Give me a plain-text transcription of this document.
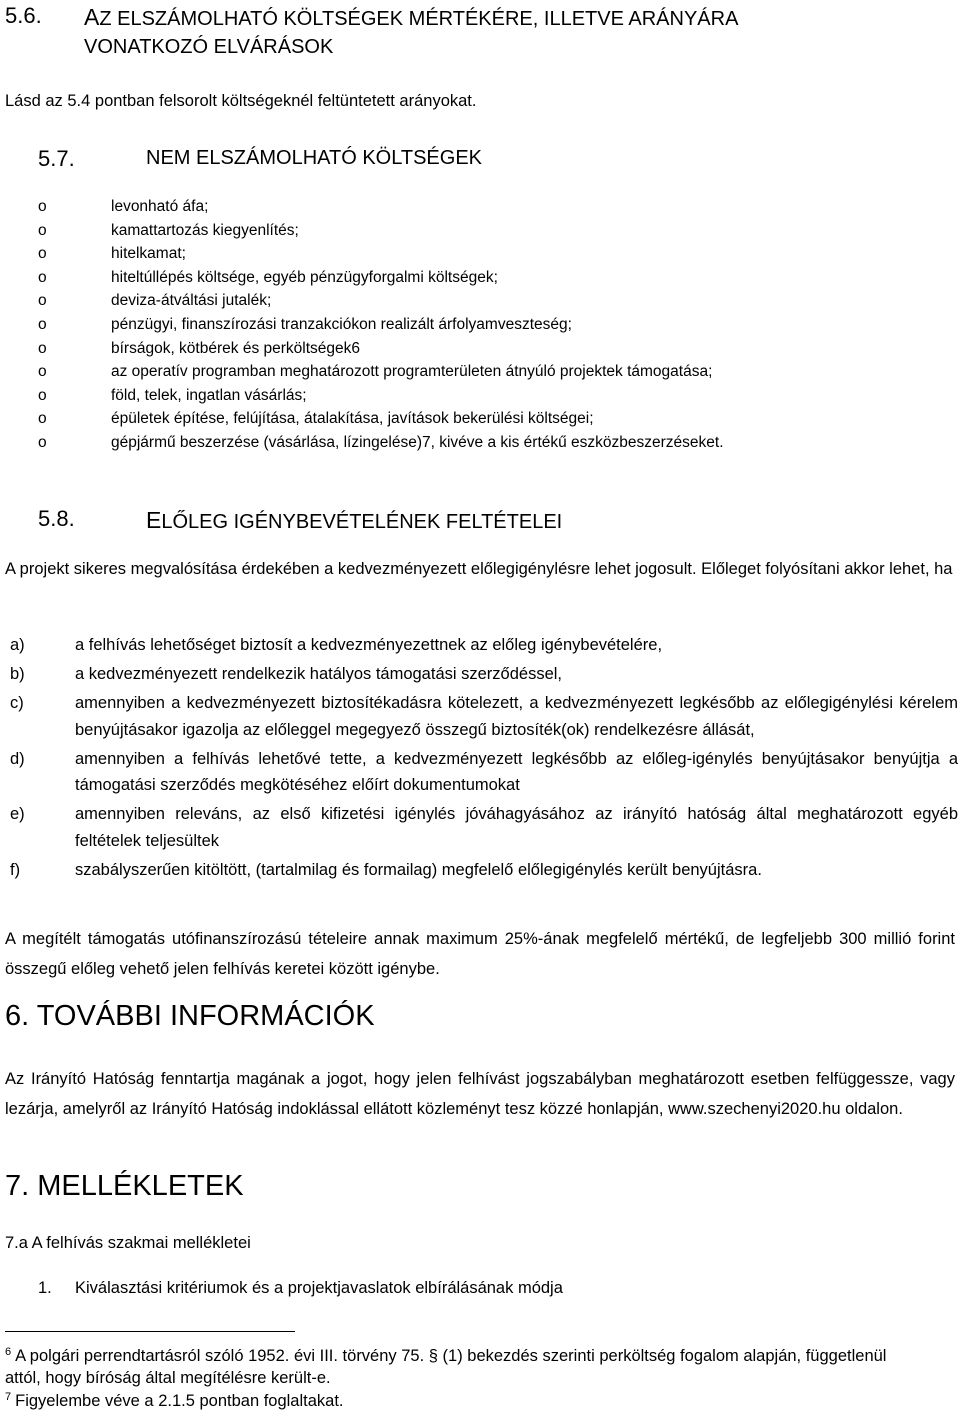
5.6. AZ ELSZÁMOLHATÓ KÖLTSÉGEK MÉRTÉKÉRE, ILLETVE ARÁNYÁRA
VONATKOZÓ ELVÁRÁSOK
Lásd az 5.4 pontban felsorolt költségeknél feltüntetett arányokat.
5.7.	NEM ELSZÁMOLHATÓ KÖLTSÉGEK
o	levonható áfa;
o	kamattartozás kiegyenlítés;
o	hitelkamat;
o	hiteltúllépés költsége, egyéb pénzügyforgalmi költségek;
o	deviza-átváltási jutalék;
o	pénzügyi, finanszírozási tranzakciókon realizált árfolyamveszteség;
o	bírságok, kötbérek és perköltségek6
o	az operatív programban meghatározott programterületen átnyúló projektek támogatása;
o	föld, telek, ingatlan vásárlás;
o	épületek építése, felújítása, átalakítása, javítások bekerülési költségei;
o	gépjármű beszerzése (vásárlása, lízingelése)7, kivéve a kis értékű eszközbeszerzéseket.
5.8.	ELŐLEG IGÉNYBEVÉTELÉNEK FELTÉTELEI
A projekt sikeres megvalósítása érdekében a kedvezményezett előlegigénylésre lehet jogosult. Előleget folyósítani akkor lehet, ha
a)	a felhívás lehetőséget biztosít a kedvezményezettnek az előleg igénybevételére,
b)	a kedvezményezett rendelkezik hatályos támogatási szerződéssel,
c)	amennyiben a kedvezményezett biztosítékadásra kötelezett, a kedvezményezett legkésőbb az előlegigénylési kérelem benyújtásakor igazolja az előleggel megegyező összegű biztosíték(ok) rendelkezésre állását,
d)	amennyiben a felhívás lehetővé tette, a kedvezményezett legkésőbb az előleg-igénylés benyújtásakor benyújtja a támogatási szerződés megkötéséhez előírt dokumentumokat
e)	amennyiben releváns, az első kifizetési igénylés jóváhagyásához az irányító hatóság által meghatározott egyéb feltételek teljesültek
f)	szabályszerűen kitöltött, (tartalmilag és formailag) megfelelő előlegigénylés került benyújtásra.
A megítélt támogatás utófinanszírozású tételeire annak maximum 25%-ának megfelelő mértékű, de legfeljebb 300 millió forint összegű előleg vehető jelen felhívás keretei között igénybe.
6. TOVÁBBI INFORMÁCIÓK
Az Irányító Hatóság fenntartja magának a jogot, hogy jelen felhívást jogszabályban meghatározott esetben felfüggessze, vagy lezárja, amelyről az Irányító Hatóság indoklással ellátott közleményt tesz közzé honlapján, www.szechenyi2020.hu oldalon.
7. MELLÉKLETEK
7.a A felhívás szakmai mellékletei
1. Kiválasztási kritériumok és a projektjavaslatok elbírálásának módja
$^6$ A polgári perrendtartásról szóló 1952. évi III. törvény 75. § (1) bekezdés szerinti perköltség fogalom alapján, függetlenül attól, hogy bíróság által megítélésre került-e.
$^7$ Figyelembe véve a 2.1.5 pontban foglaltakat.
